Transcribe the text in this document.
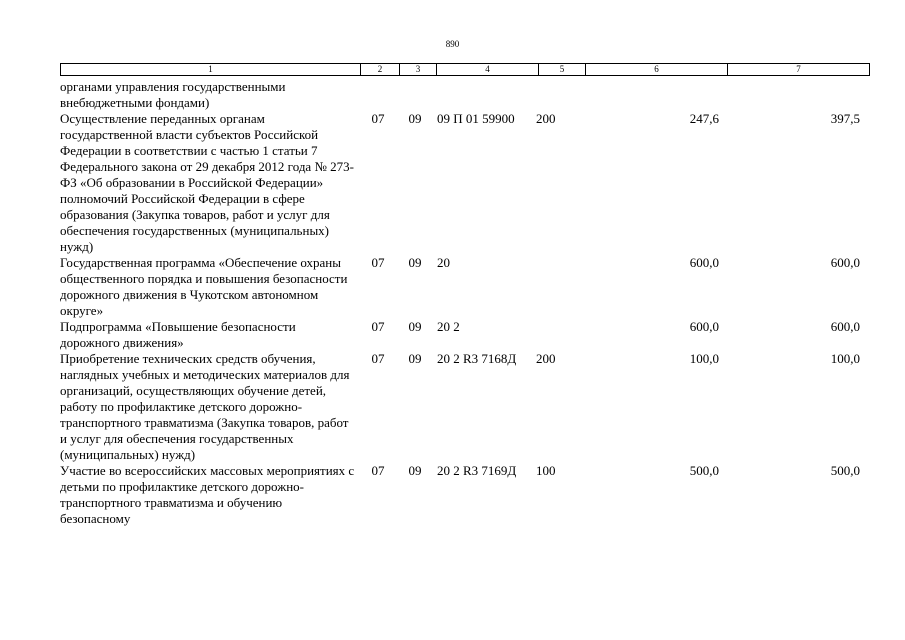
890
1	2	3	4	5	6	7
органами управления государственными внебюджетными фондами)						
Осуществление переданных органам государственной власти субъектов Российской Федерации в соответствии с частью 1 статьи 7 Федерального закона от 29 декабря 2012 года № 273-ФЗ «Об образовании в Российской Федерации» полномочий Российской Федерации в сфере образования (Закупка товаров, работ и услуг для обеспечения государственных (муниципальных) нужд)	07	09	09 П 01 59900	200	247,6	397,5
Государственная программа «Обеспечение охраны общественного порядка и повышения безопасности дорожного движения в Чукотском автономном округе»	07	09	20		600,0	600,0
Подпрограмма «Повышение безопасности дорожного движения»	07	09	20 2		600,0	600,0
Приобретение технических средств обучения, наглядных учебных и методических материалов для организаций, осуществляющих обучение детей, работу по профилактике детского дорожно-транспортного травматизма (Закупка товаров, работ и услуг для обеспечения государственных (муниципальных) нужд)	07	09	20 2 R3 7168Д	200	100,0	100,0
Участие во всероссийских массовых мероприятиях с детьми по профилактике детского дорожно-транспортного травматизма и обучению безопасному	07	09	20 2 R3 7169Д	100	500,0	500,0
